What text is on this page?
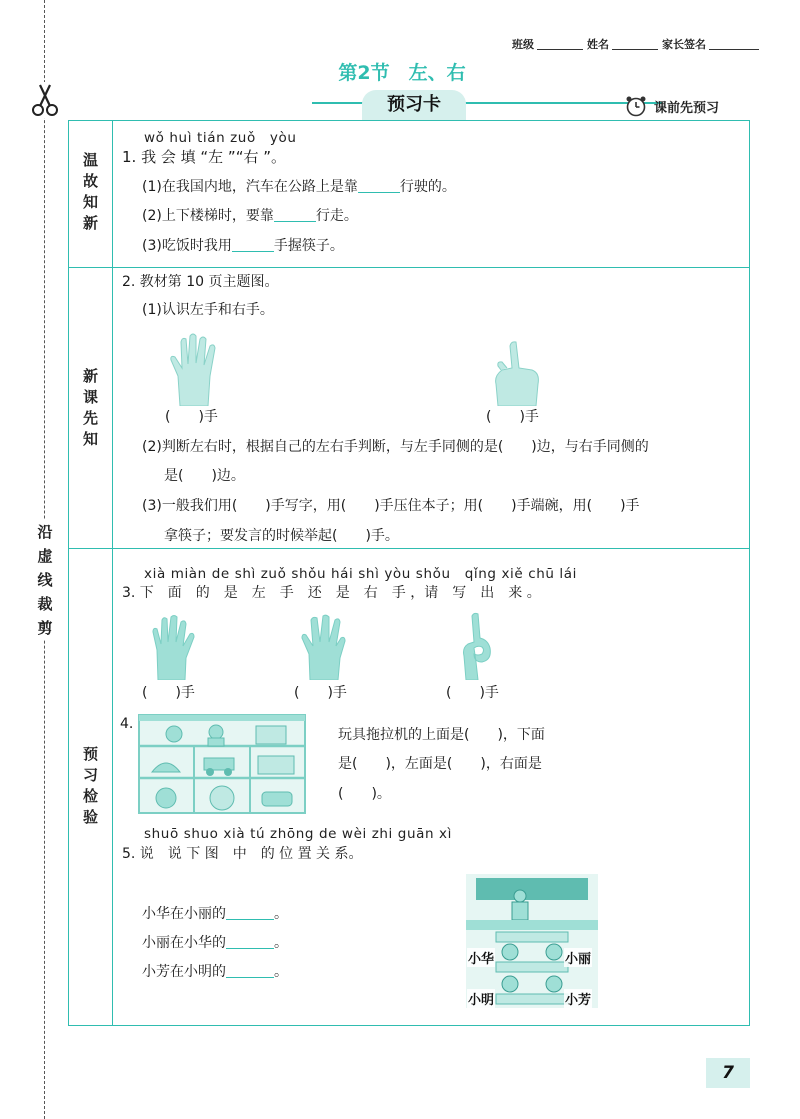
沿虚线裁剪
班级	姓名	家长签名
第2节　左、右
预习卡	课前先预习
温
故
知
新
新
课
先
知
预
习
检
验
wǒ huì tián zuǒ　yòu
1. 我 会 填 “左 ”“右 ”。
(1)在我国内地，汽车在公路上是靠	行驶的。
(2)上下楼梯时，要靠	行走。
(3)吃饭时我用	手握筷子。
2. 教材第 10 页主题图。
(1)认识左手和右手。
(　　)手	(　　)手
(2)判断左右时，根据自己的左右手判断，与左手同侧的是(　　)边，与右手同侧的
是(　　)边。
(3)一般我们用(　　)手写字，用(　　)手压住本子；用(　　)手端碗，用(　　)手
拿筷子；要发言的时候举起(　　)手。
xià miàn de shì zuǒ shǒu hái shì yòu shǒu　qǐng xiě chū lái
3. 下　面　的　是　左　手　还　是　右　手 ，请　写　出　来 。
(　　)手	(　　)手	(　　)手
4.
玩具拖拉机的上面是(　　)，下面
是(　　)，左面是(　　)，右面是
(　　)。
shuō shuo xià tú zhōng de wèi zhi guān xì
5. 说　说 下 图　中　的 位 置 关 系。
小华在小丽的	。
小丽在小华的	。
小芳在小明的	。
小华	小丽
小明	小芳
7
